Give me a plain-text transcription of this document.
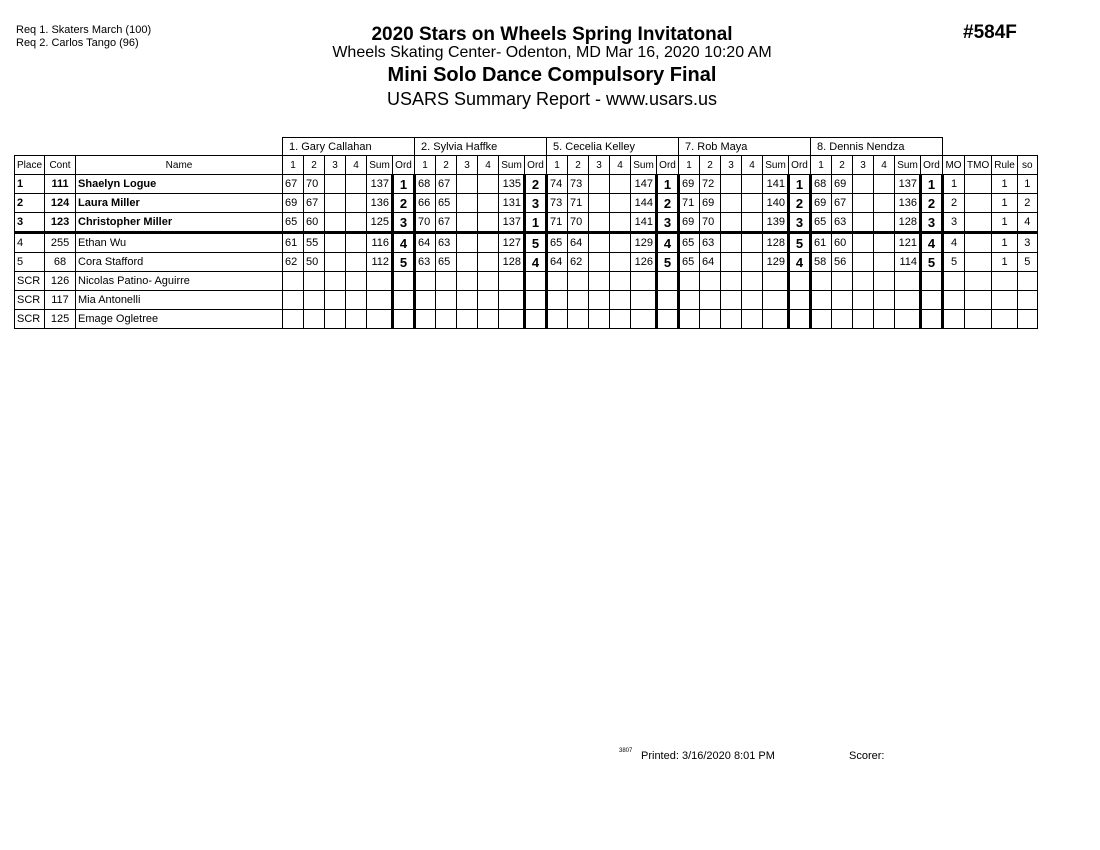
Req 1. Skaters March (100)
Req 2. Carlos Tango (96)	#584F
2020 Stars on Wheels Spring Invitatonal
Wheels Skating Center- Odenton, MD Mar 16, 2020 10:20 AM
Mini Solo Dance Compulsory Final
USARS Summary Report - www.usars.us
			1. Gary Callahan						2. Sylvia Haffke						5. Cecelia Kelley						7. Rob Maya						8. Dennis Nendza									
Place	Cont	Name	1	2	3	4	Sum	Ord	1	2	3	4	Sum	Ord	1	2	3	4	Sum	Ord	1	2	3	4	Sum	Ord	1	2	3	4	Sum	Ord	MO	TMO	Rule	so
1	111	Shaelyn Logue	67	70			137	1	68	67			135	2	74	73			147	1	69	72			141	1	68	69			137	1	1		1	1
2	124	Laura Miller	69	67			136	2	66	65			131	3	73	71			144	2	71	69			140	2	69	67			136	2	2		1	2
3	123	Christopher Miller	65	60			125	3	70	67			137	1	71	70			141	3	69	70			139	3	65	63			128	3	3		1	4
4	255	Ethan Wu	61	55			116	4	64	63			127	5	65	64			129	4	65	63			128	5	61	60			121	4	4		1	3
5	68	Cora Stafford	62	50			112	5	63	65			128	4	64	62			126	5	65	64			129	4	58	56			114	5	5		1	5
SCR	126	Nicolas Patino- Aguirre																																		
SCR	117	Mia Antonelli																																		
SCR	125	Emage Ogletree																																		
3807 Printed: 3/16/2020 8:01 PM	Scorer:
